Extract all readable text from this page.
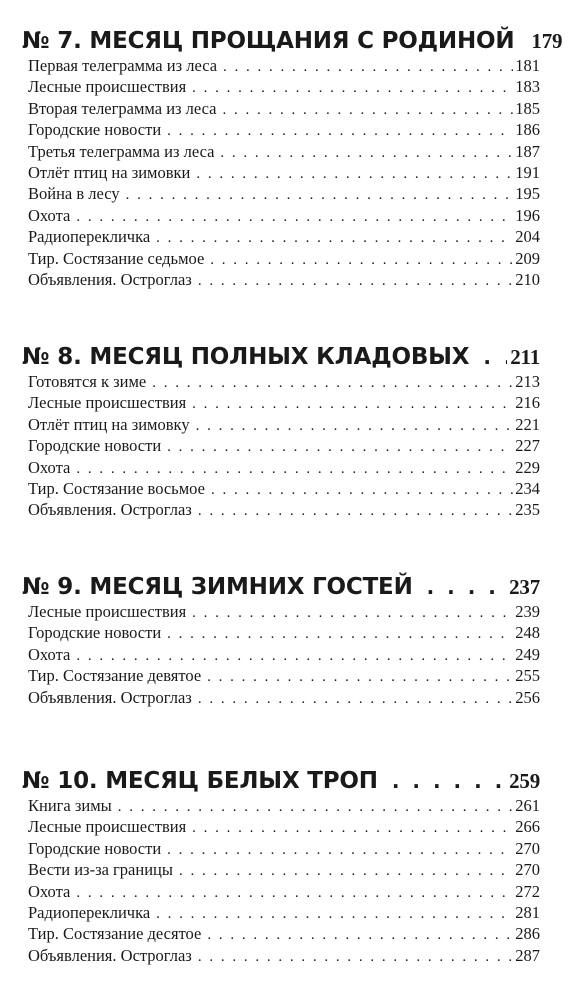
№ 7. МЕСЯЦ ПРОЩАНИЯ С РОДИНОЙ 179
Первая телеграмма из леса . . .	181
Лесные происшествия . . .	183
Вторая телеграмма из леса . . .	185
Городские новости . . .	186
Третья телеграмма из леса . . .	187
Отлёт птиц на зимовки . . .	191
Война в лесу . . .	195
Охота . . .	196
Радиоперекличка . . .	204
Тир. Состязание седьмое . . .	209
Объявления. Остроглаз . . .	210
№ 8. МЕСЯЦ ПОЛНЫХ КЛАДОВЫХ . . . 211
Готовятся к зиме . . .	213
Лесные происшествия . . .	216
Отлёт птиц на зимовку . . .	221
Городские новости . . .	227
Охота . . .	229
Тир. Состязание восьмое . . .	234
Объявления. Остроглаз . . .	235
№ 9. МЕСЯЦ ЗИМНИХ ГОСТЕЙ . . .	237
Лесные происшествия . . .	239
Городские новости . . .	248
Охота . . .	249
Тир. Состязание девятое . . .	255
Объявления. Остроглаз . . .	256
№ 10. МЕСЯЦ БЕЛЫХ ТРОП . . .	259
Книга зимы . . .	261
Лесные происшествия . . .	266
Городские новости . . .	270
Вести из-за границы . . .	270
Охота . . .	272
Радиоперекличка . . .	281
Тир. Состязание десятое . . .	286
Объявления. Остроглаз . . .	287
